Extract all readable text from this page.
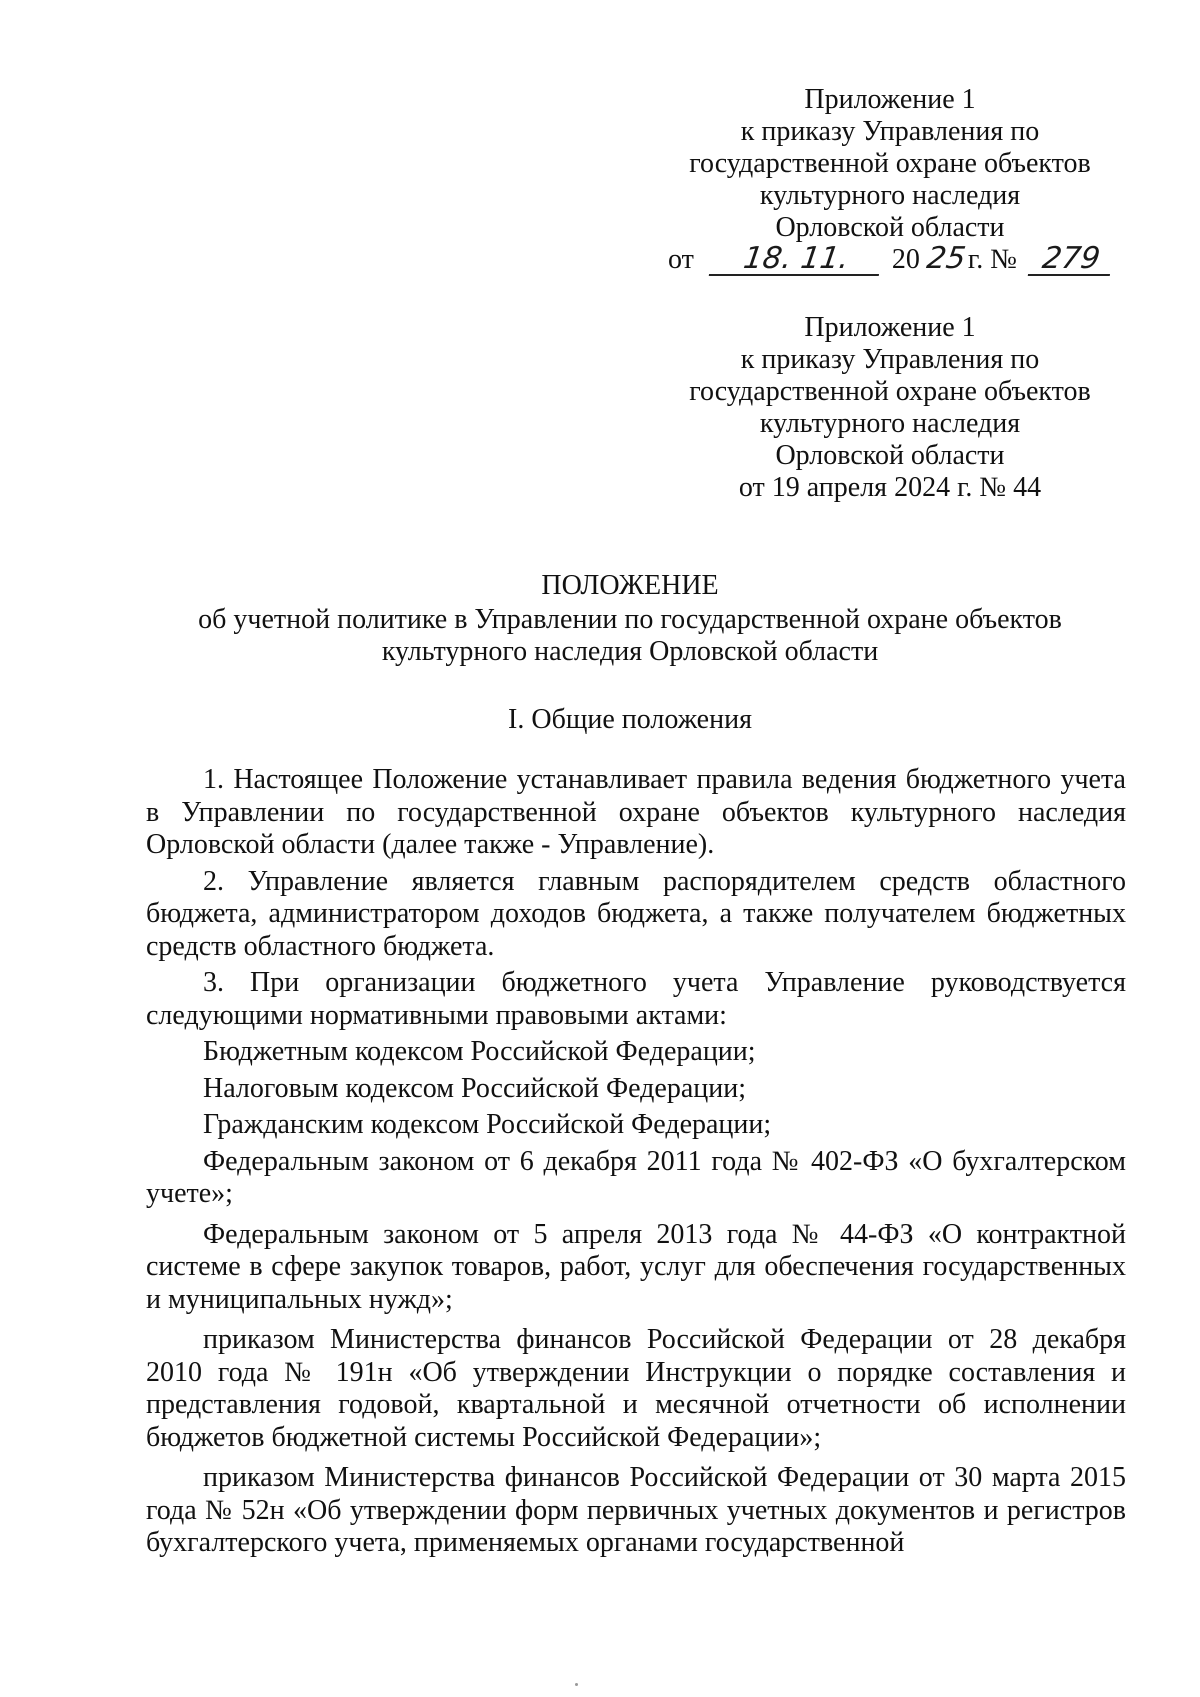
Приложение 1
к приказу Управления по
государственной охране объектов
культурного наследия
Орловской области
от 18. 11. 20 25 г. № 279
Приложение 1
к приказу Управления по
государственной охране объектов
культурного наследия
Орловской области
от 19 апреля 2024 г. № 44
ПОЛОЖЕНИЕ
об учетной политике в Управлении по государственной охране объектов
культурного наследия Орловской области
I. Общие положения

1. Настоящее Положение устанавливает правила ведения бюджетного учета в Управлении по государственной охране объектов культурного наследия Орловской области (далее также - Управление).

2. Управление является главным распорядителем средств областного бюджета, администратором доходов бюджета, а также получателем бюджетных средств областного бюджета.

3. При организации бюджетного учета Управление руководствуется следующими нормативными правовыми актами:

Бюджетным кодексом Российской Федерации;

Налоговым кодексом Российской Федерации;

Гражданским кодексом Российской Федерации;

Федеральным законом от 6 декабря 2011 года № 402-ФЗ «О бухгалтерском учете»;

Федеральным законом от 5 апреля 2013 года № 44-ФЗ «О контрактной системе в сфере закупок товаров, работ, услуг для обеспечения государственных и муниципальных нужд»;

приказом Министерства финансов Российской Федерации от 28 декабря 2010 года № 191н «Об утверждении Инструкции о порядке составления и представления годовой, квартальной и месячной отчетности об исполнении бюджетов бюджетной системы Российской Федерации»;

приказом Министерства финансов Российской Федерации от 30 марта 2015 года № 52н «Об утверждении форм первичных учетных документов и регистров бухгалтерского учета, применяемых органами государственной
